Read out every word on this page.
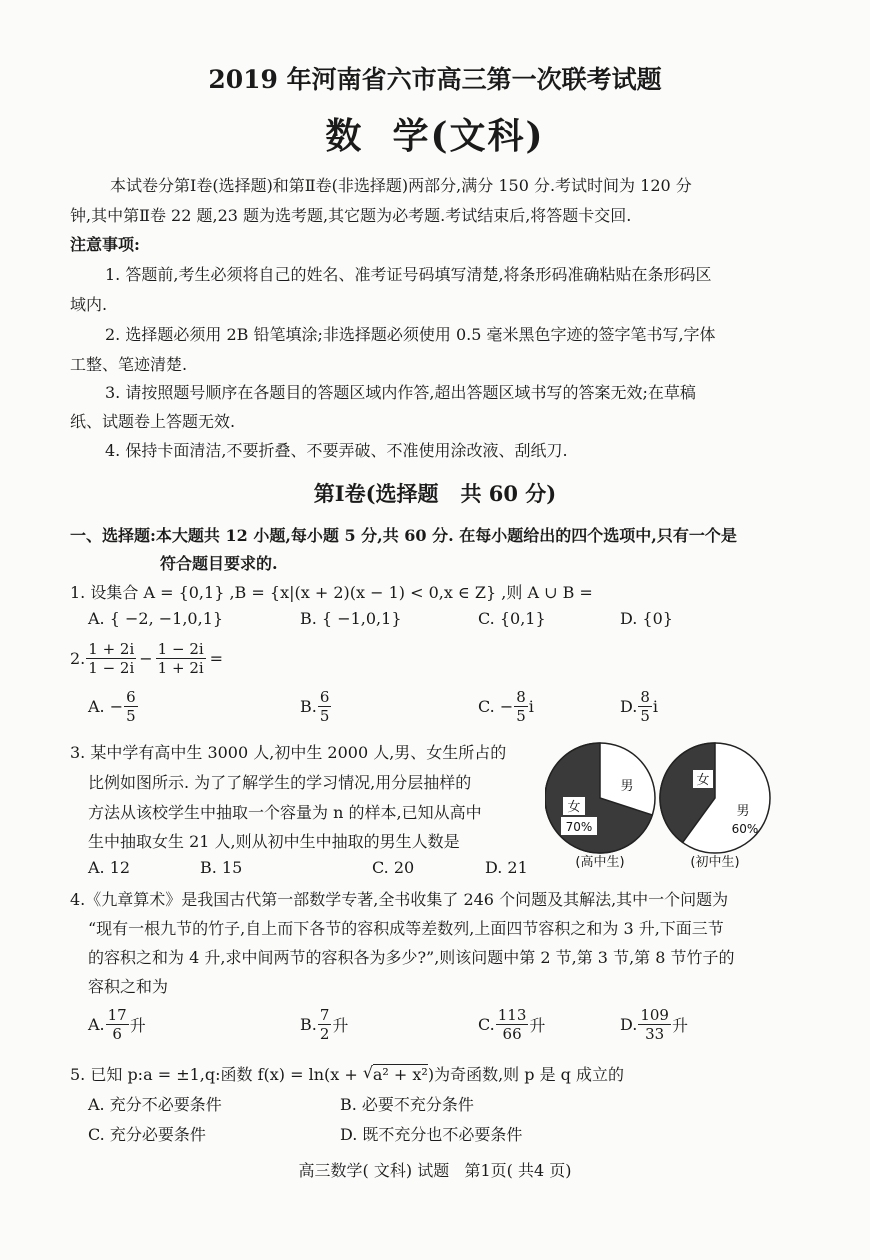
2019 年河南省六市高三第一次联考试题
数  学(文科)
本试卷分第Ⅰ卷(选择题)和第Ⅱ卷(非选择题)两部分,满分 150 分.考试时间为 120 分
钟,其中第Ⅱ卷 22 题,23 题为选考题,其它题为必考题.考试结束后,将答题卡交回.
注意事项:
1. 答题前,考生必须将自己的姓名、准考证号码填写清楚,将条形码准确粘贴在条形码区
域内.
2. 选择题必须用 2B 铅笔填涂;非选择题必须使用 0.5 毫米黑色字迹的签字笔书写,字体
工整、笔迹清楚.
3. 请按照题号顺序在各题目的答题区域内作答,超出答题区域书写的答案无效;在草稿
纸、试题卷上答题无效.
4. 保持卡面清洁,不要折叠、不要弄破、不准使用涂改液、刮纸刀.
第Ⅰ卷(选择题   共 60 分)
一、选择题:本大题共 12 小题,每小题 5 分,共 60 分. 在每小题给出的四个选项中,只有一个是
符合题目要求的.
1. 设集合 A = {0,1} ,B = {x|(x + 2)(x − 1) < 0,x ∈ Z} ,则 A ∪ B =
A. { −2, −1,0,1}	B. { −1,0,1}	C. {0,1}	D. {0}
2. $\frac{1 + 2i}{1 - 2i} - \frac{1 - 2i}{1 + 2i}$ =
A. − $\frac{6}{5}$	B. $\frac{6}{5}$	C. − $\frac{8}{5}$ i	D. $\frac{8}{5}$ i
3. 某中学有高中生 3000 人,初中生 2000 人,男、女生所占的
比例如图所示. 为了了解学生的学习情况,用分层抽样的
方法从该校学生中抽取一个容量为 n 的样本,已知从高中
生中抽取女生 21 人,则从初中生中抽取的男生人数是
A. 12	B. 15	C. 20	D. 21
女
70%
男
(高中生)
女
男
60%
(初中生)
4.《九章算术》是我国古代第一部数学专著,全书收集了 246 个问题及其解法,其中一个问题为
“现有一根九节的竹子,自上而下各节的容积成等差数列,上面四节容积之和为 3 升,下面三节
的容积之和为 4 升,求中间两节的容积各为多少?”,则该问题中第 2 节,第 3 节,第 8 节竹子的
容积之和为
A. $\frac{17}{6}$ 升	B. $\frac{7}{2}$ 升	C. $\frac{113}{66}$ 升	D. $\frac{109}{33}$ 升
5. 已知 p:a = ±1,q:函数 f(x) = ln(x + √ a² + x²)为奇函数,则 p 是 q 成立的
A. 充分不必要条件	B. 必要不充分条件
C. 充分必要条件	D. 既不充分也不必要条件
高三数学( 文科) 试题   第1页( 共4 页)
